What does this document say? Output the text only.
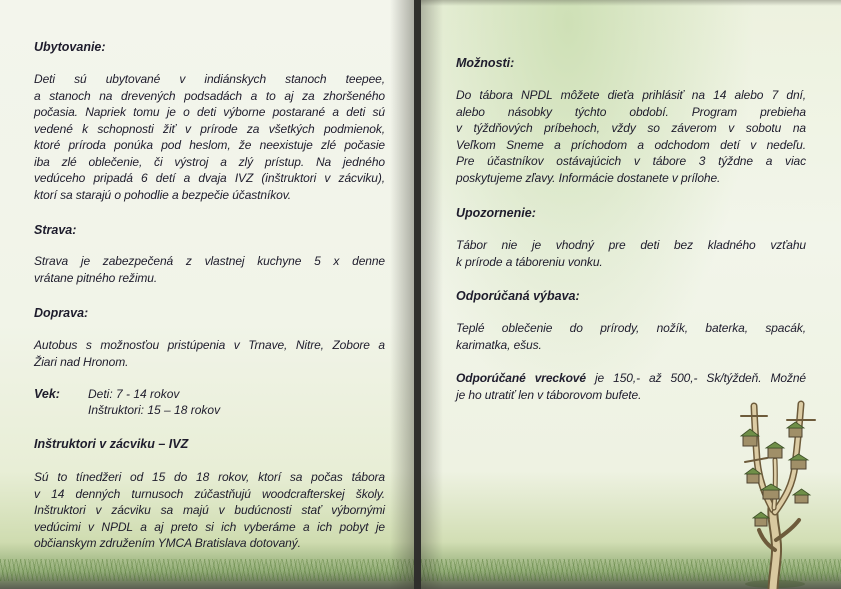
Ubytovanie:
Deti sú ubytované v indiánskych stanoch teepee,
a stanoch na drevených podsadách a to aj za zhoršeného
počasia. Napriek tomu je o deti výborne postarané a deti sú
vedené k schopnosti žiť v prírode za všetkých podmienok,
ktoré príroda ponúka pod heslom, že neexistuje zlé počasie
iba zlé oblečenie, či výstroj a zlý prístup. Na jedného
vedúceho pripadá 6 detí a dvaja IVZ (inštruktori v zácviku),
ktorí sa starajú o pohodlie a bezpečie účastníkov.
Strava:
Strava je zabezpečená z vlastnej kuchyne 5 x denne
vrátane pitného režimu.
Doprava:
Autobus s možnosťou pristúpenia v Trnave, Nitre, Zobore a
Žiari nad Hronom.
Vek: Deti: 7 - 14 rokov
Inštruktori: 15 – 18 rokov
Inštruktori v zácviku – IVZ
Sú to tínedžeri od 15 do 18 rokov, ktorí sa počas tábora
v 14 denných turnusoch zúčastňujú woodcrafterskej školy.
Inštruktori v zácviku sa majú v budúcnosti stať výbornými
vedúcimi v NPDL a aj preto si ich vyberáme a ich pobyt je
občianskym združením YMCA Bratislava dotovaný.
Možnosti:
Do tábora NPDL môžete dieťa prihlásiť na 14 alebo 7 dní,
alebo násobky týchto období. Program prebieha
v týždňových príbehoch, vždy so záverom v sobotu na
Veľkom Sneme a príchodom a odchodom detí v nedeľu.
Pre účastníkov ostávajúcich v tábore 3 týždne a viac
poskytujeme zľavy. Informácie dostanete v prílohe.
Upozornenie:
Tábor nie je vhodný pre deti bez kladného vzťahu
k prírode a táboreniu vonku.
Odporúčaná výbava:
Teplé oblečenie do prírody, nožík, baterka, spacák,
karimatka, ešus.
Odporúčané vreckové je 150,- až 500,- Sk/týždeň. Možné
je ho utratiť len v táborovom bufete.
